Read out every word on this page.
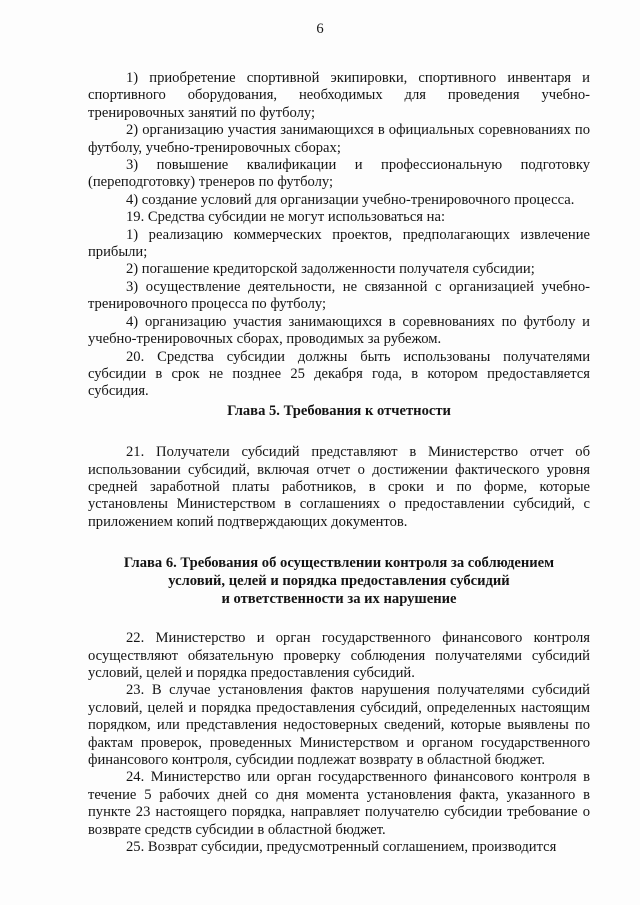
6

1) приобретение спортивной экипировки, спортивного инвентаря и спортивного оборудования, необходимых для проведения учебно-тренировочных занятий по футболу;

2) организацию участия занимающихся в официальных соревнованиях по футболу, учебно-тренировочных сборах;

3) повышение квалификации и профессиональную подготовку (переподготовку) тренеров по футболу;

4) создание условий для организации учебно-тренировочного процесса.

19. Средства субсидии не могут использоваться на:

1) реализацию коммерческих проектов, предполагающих извлечение прибыли;

2) погашение кредиторской задолженности получателя субсидии;

3) осуществление деятельности, не связанной с организацией учебно-тренировочного процесса по футболу;

4) организацию участия занимающихся в соревнованиях по футболу и учебно-тренировочных сборах, проводимых за рубежом.

20. Средства субсидии должны быть использованы получателями субсидии в срок не позднее 25 декабря года, в котором предоставляется субсидия.

Глава 5. Требования к отчетности

21. Получатели субсидий представляют в Министерство отчет об использовании субсидий, включая отчет о достижении фактического уровня средней заработной платы работников, в сроки и по форме, которые установлены Министерством в соглашениях о предоставлении субсидий, с приложением копий подтверждающих документов.

Глава 6. Требования об осуществлении контроля за соблюдением
условий, целей и порядка предоставления субсидий
и ответственности за их нарушение

22. Министерство и орган государственного финансового контроля осуществляют обязательную проверку соблюдения получателями субсидий условий, целей и порядка предоставления субсидий.

23. В случае установления фактов нарушения получателями субсидий условий, целей и порядка предоставления субсидий, определенных настоящим порядком, или представления недостоверных сведений, которые выявлены по фактам проверок, проведенных Министерством и органом государственного финансового контроля, субсидии подлежат возврату в областной бюджет.

24. Министерство или орган государственного финансового контроля в течение 5 рабочих дней со дня момента установления факта, указанного в пункте 23 настоящего порядка, направляет получателю субсидии требование о возврате средств субсидии в областной бюджет.

25. Возврат субсидии, предусмотренный соглашением, производится
